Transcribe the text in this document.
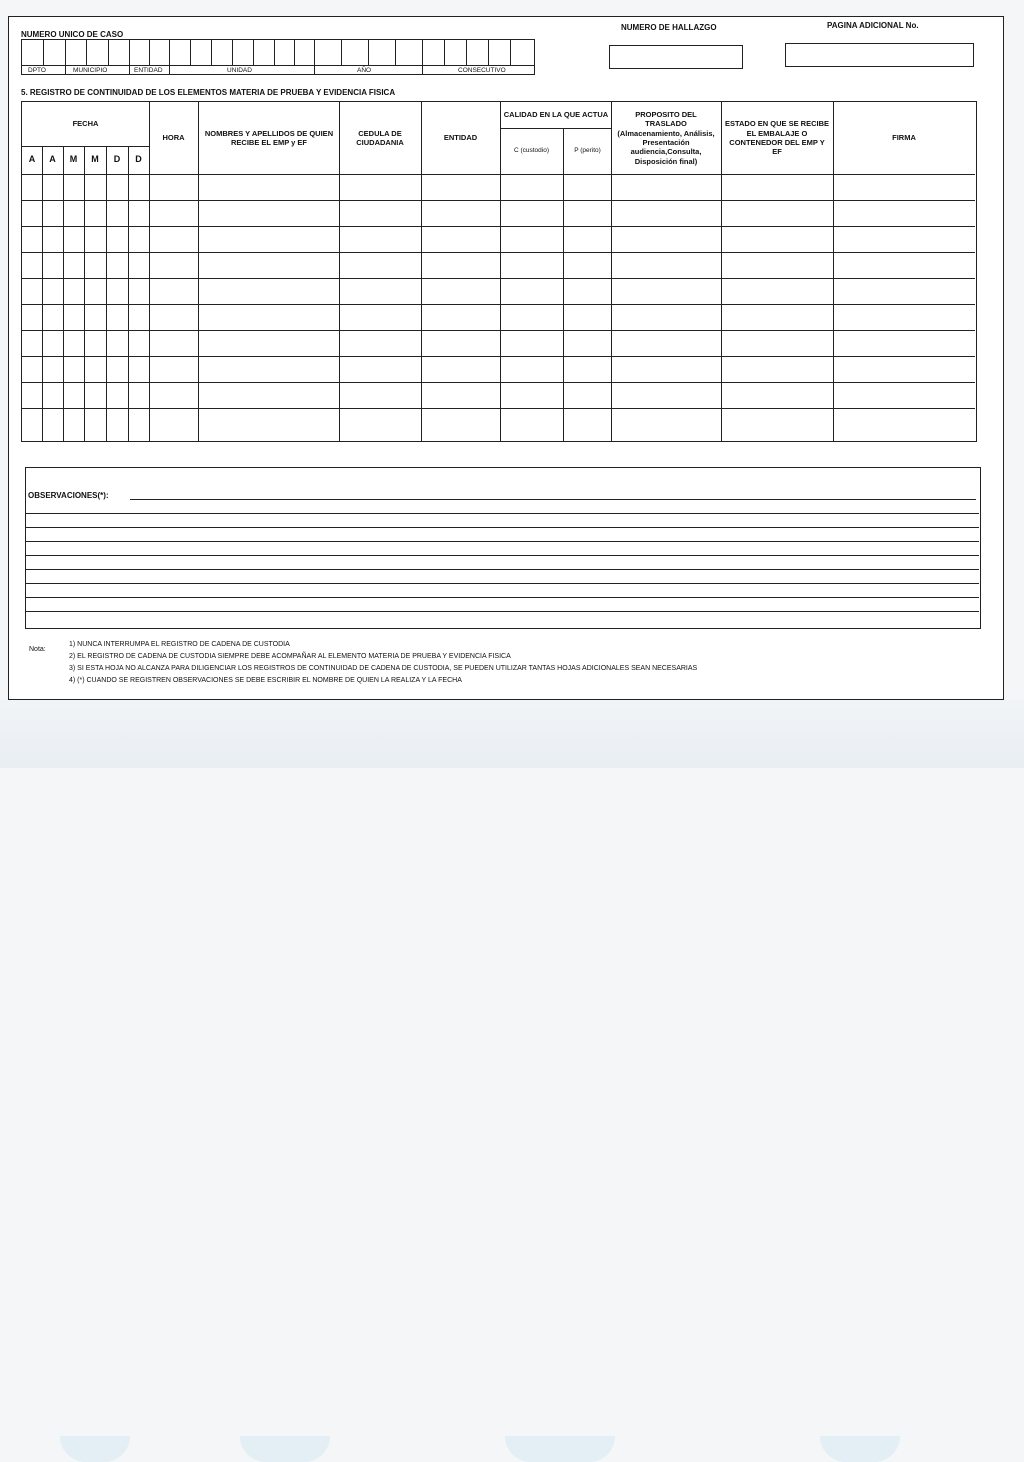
NUMERO UNICO DE CASO
DPTO	MUNICIPIO	ENTIDAD	UNIDAD	AÑO	CONSECUTIVO
NUMERO DE HALLAZGO	PAGINA ADICIONAL No.
5. REGISTRO DE CONTINUIDAD DE LOS ELEMENTOS MATERIA DE PRUEBA Y EVIDENCIA FISICA
FECHA
A	A	M	M	D	D
HORA
NOMBRES Y APELLIDOS DE QUIEN RECIBE EL EMP y EF
CEDULA DE CIUDADANIA
ENTIDAD
CALIDAD EN LA QUE ACTUA
C (custodio)	P (perito)
PROPOSITO DEL TRASLADO (Almacenamiento, Análisis, Presentación audiencia,Consulta, Disposición final)
ESTADO EN QUE SE RECIBE EL EMBALAJE O CONTENEDOR DEL EMP Y EF
FIRMA
OBSERVACIONES(*):
Nota:
1) NUNCA INTERRUMPA EL REGISTRO DE CADENA DE CUSTODIA
2) EL REGISTRO DE CADENA DE CUSTODIA SIEMPRE DEBE ACOMPAÑAR AL ELEMENTO MATERIA DE PRUEBA Y EVIDENCIA FISICA
3) SI ESTA HOJA NO ALCANZA PARA DILIGENCIAR LOS REGISTROS DE CONTINUIDAD DE CADENA DE CUSTODIA, SE PUEDEN UTILIZAR TANTAS HOJAS ADICIONALES SEAN NECESARIAS
4) (*) CUANDO SE REGISTREN OBSERVACIONES SE DEBE ESCRIBIR EL NOMBRE DE QUIEN LA REALIZA Y LA FECHA
